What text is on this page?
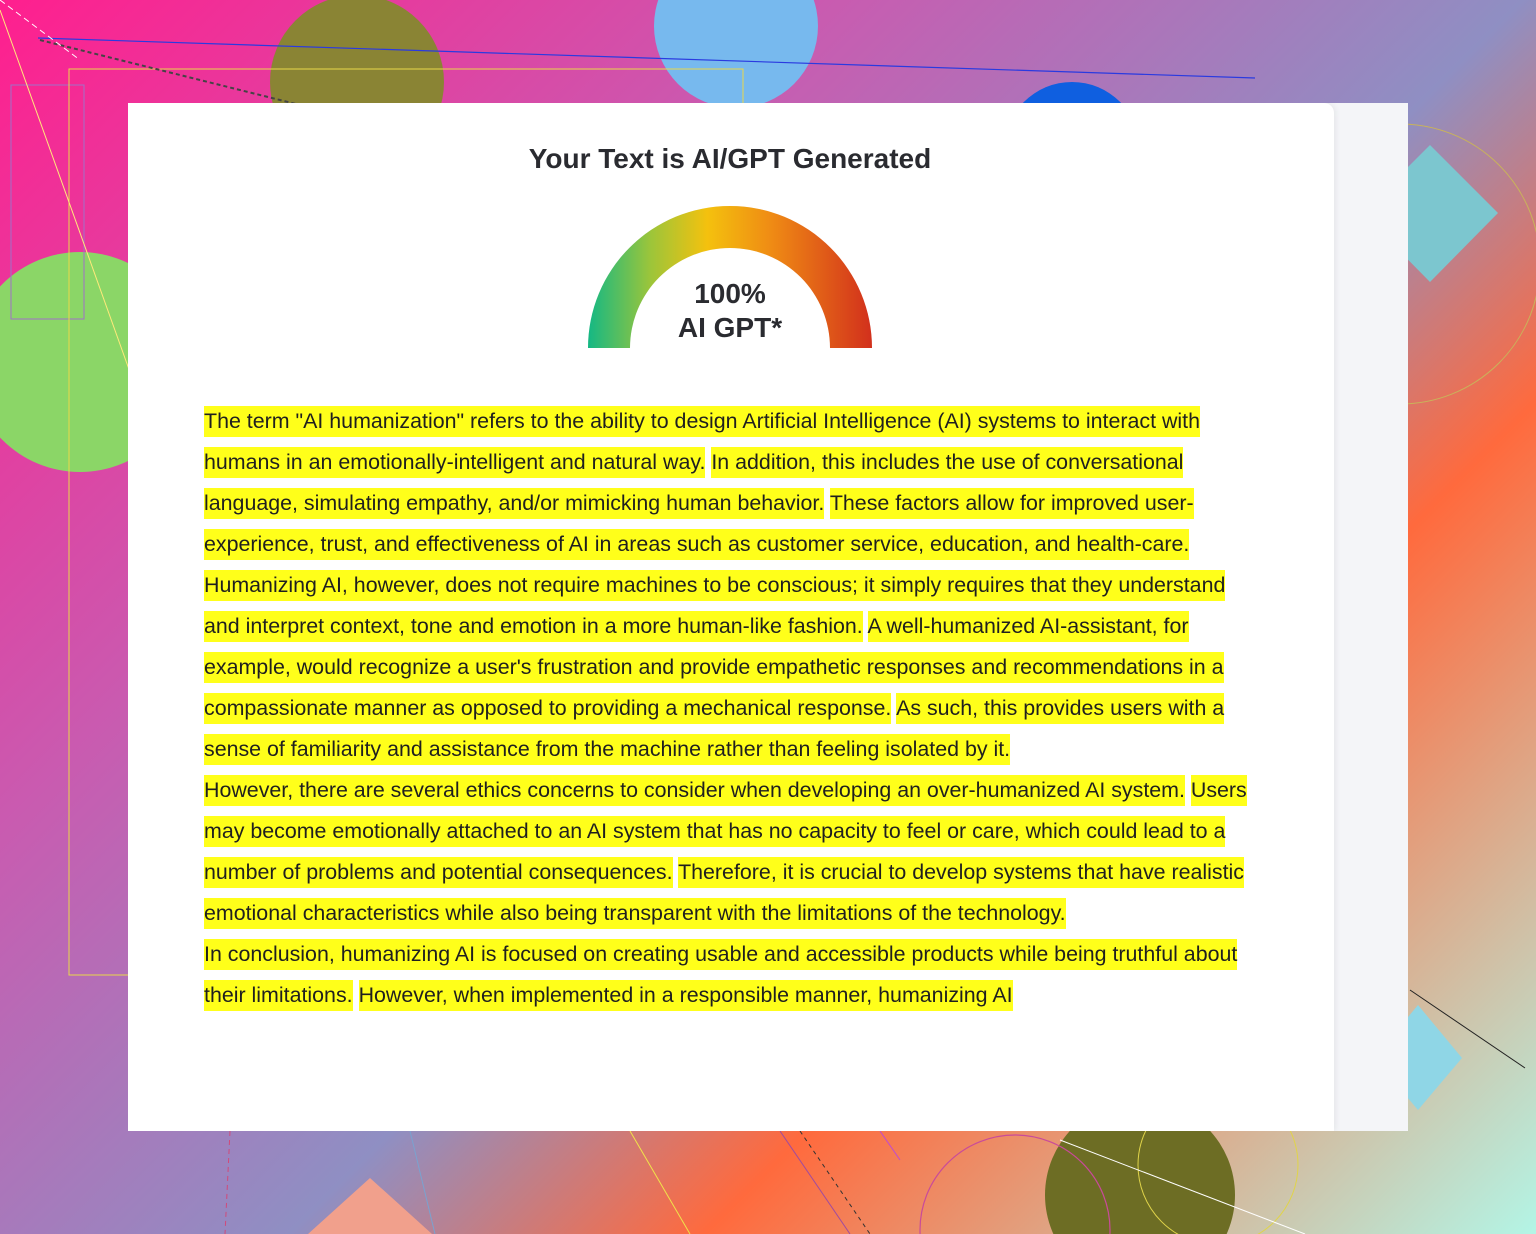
Your Text is AI/GPT Generated
100%
AI GPT*

The term "AI humanization" refers to the ability to design Artificial Intelligence (AI) systems to interact with humans in an emotionally-intelligent and natural way. In addition, this includes the use of conversational language, simulating empathy, and/or mimicking human behavior. These factors allow for improved user-experience, trust, and effectiveness of AI in areas such as customer service, education, and health-care.

Humanizing AI, however, does not require machines to be conscious; it simply requires that they understand and interpret context, tone and emotion in a more human-like fashion. A well-humanized AI-assistant, for example, would recognize a user's frustration and provide empathetic responses and recommendations in a compassionate manner as opposed to providing a mechanical response. As such, this provides users with a sense of familiarity and assistance from the machine rather than feeling isolated by it.

However, there are several ethics concerns to consider when developing an over-humanized AI system. Users may become emotionally attached to an AI system that has no capacity to feel or care, which could lead to a number of problems and potential consequences. Therefore, it is crucial to develop systems that have realistic emotional characteristics while also being transparent with the limitations of the technology.

In conclusion, humanizing AI is focused on creating usable and accessible products while being truthful about their limitations. However, when implemented in a responsible manner, humanizing AI
